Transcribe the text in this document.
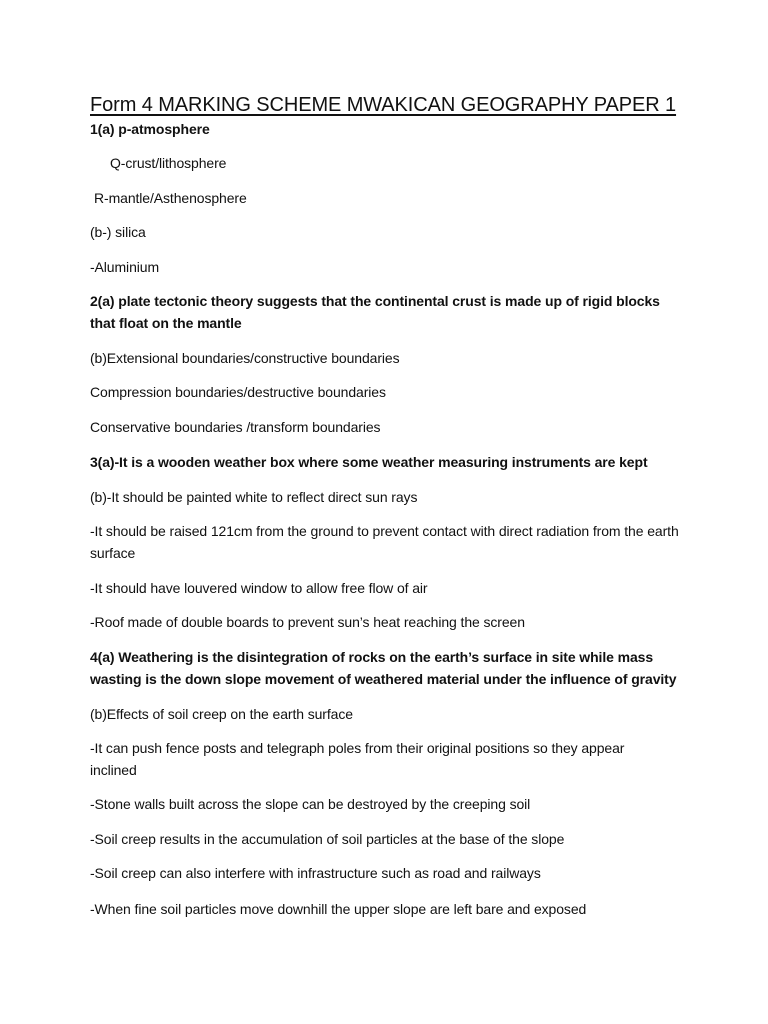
Form 4 MARKING SCHEME MWAKICAN GEOGRAPHY PAPER 1

1(a) p-atmosphere

Q-crust/lithosphere

R-mantle/Asthenosphere

(b-) silica

-Aluminium

2(a) plate tectonic theory suggests that the continental crust is made up of rigid blocks that float on the mantle

(b)Extensional boundaries/constructive boundaries

Compression boundaries/destructive boundaries

Conservative boundaries /transform boundaries

3(a)-It is a wooden weather box where some weather measuring instruments are kept

(b)-It should be painted white to reflect direct sun rays

-It should be raised 121cm from the ground to prevent contact with direct radiation from the earth surface

-It should have louvered window to allow free flow of air

-Roof made of double boards to prevent sun’s heat reaching the screen

4(a) Weathering is the disintegration of rocks on the earth’s surface in site while mass wasting is the down slope movement of weathered material under the influence of gravity

(b)Effects of soil creep on the earth surface

-It can push fence posts and telegraph poles from their original positions so they appear inclined

-Stone walls built across the slope can be destroyed by the creeping soil

-Soil creep results in the accumulation of soil particles at the base of the slope

-Soil creep can also interfere with infrastructure such as road and railways

-When fine soil particles move downhill the upper slope are left bare and exposed
